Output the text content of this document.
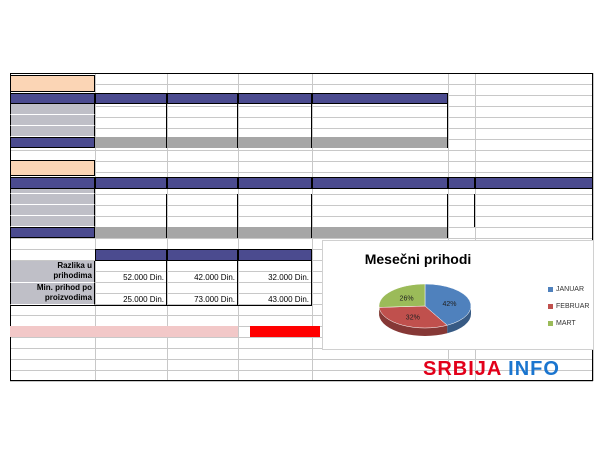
Razlika u
prihodima	52.000 Din.	42.000 Din.	32.000 Din.
Min. prihod po
proizvodima	25.000 Din.	73.000 Din.	43.000 Din.
Mesečni prihodi
42%
32%
26%
JANUAR
FEBRUAR
MART
SRBIJA INFO
